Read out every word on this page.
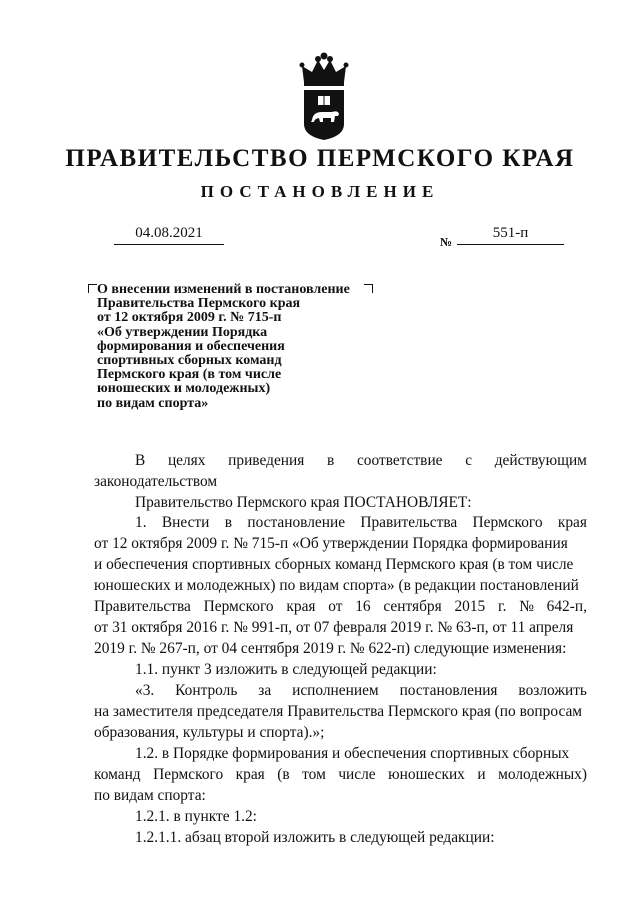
ПРАВИТЕЛЬСТВО ПЕРМСКОГО КРАЯ
ПОСТАНОВЛЕНИЕ
04.08.2021
№
551-п
О внесении изменений в постановление
Правительства Пермского края
от 12 октября 2009 г. № 715-п
«Об утверждении Порядка
формирования и обеспечения
спортивных сборных команд
Пермского края (в том числе
юношеских и молодежных)
по видам спорта»
В целях приведения в соответствие с действующим
законодательством
Правительство Пермского края ПОСТАНОВЛЯЕТ:
1. Внести в постановление Правительства Пермского края
от 12 октября 2009 г. № 715-п «Об утверждении Порядка формирования
и обеспечения спортивных сборных команд Пермского края (в том числе
юношеских и молодежных) по видам спорта» (в редакции постановлений
Правительства Пермского края от 16 сентября 2015 г. № 642-п,
от 31 октября 2016 г. № 991-п, от 07 февраля 2019 г. № 63-п, от 11 апреля
2019 г. № 267-п, от 04 сентября 2019 г. № 622-п) следующие изменения:
1.1. пункт 3 изложить в следующей редакции:
«3. Контроль за исполнением постановления возложить
на заместителя председателя Правительства Пермского края (по вопросам
образования, культуры и спорта).»;
1.2. в Порядке формирования и обеспечения спортивных сборных
команд Пермского края (в том числе юношеских и молодежных)
по видам спорта:
1.2.1. в пункте 1.2:
1.2.1.1. абзац второй изложить в следующей редакции:
